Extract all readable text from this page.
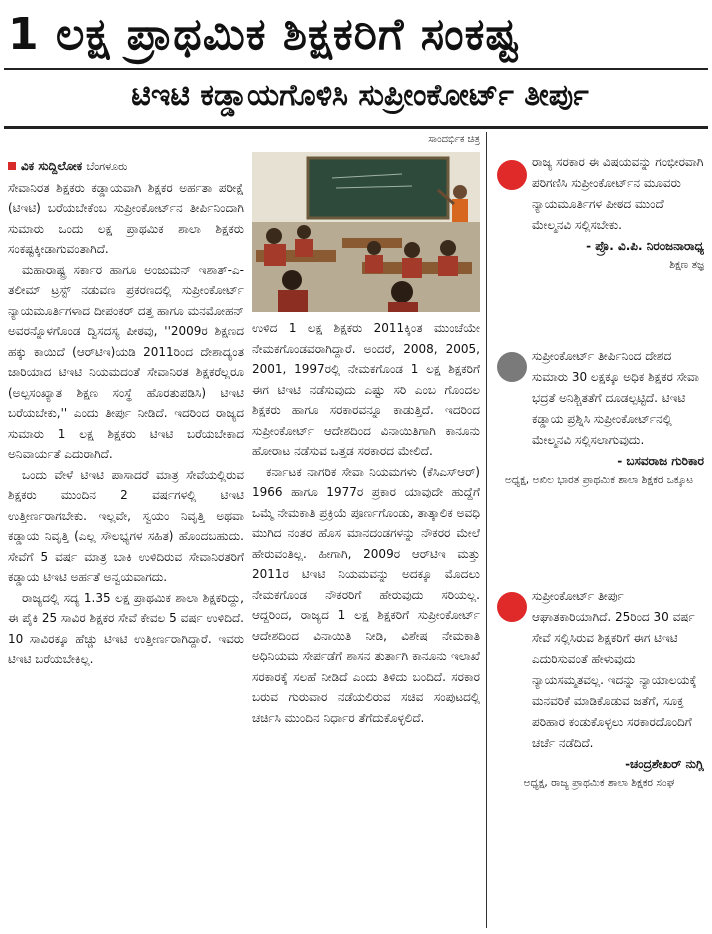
1 ಲಕ್ಷ ಪ್ರಾಥಮಿಕ ಶಿಕ್ಷಕರಿಗೆ ಸಂಕಷ್ಟ
ಟಿಇಟಿ ಕಡ್ಡಾಯಗೊಳಿಸಿ ಸುಪ್ರೀಂಕೋರ್ಟ್ ತೀರ್ಪು

ವಿಕ ಸುದ್ದಿಲೋಕ ಬೆಂಗಳೂರು

ಸೇವಾನಿರತ ಶಿಕ್ಷಕರು ಕಡ್ಡಾಯವಾಗಿ ಶಿಕ್ಷಕರ ಅರ್ಹತಾ ಪರೀಕ್ಷೆ (ಟಿಇಟಿ) ಬರೆಯಬೇಕೆಂಬ ಸುಪ್ರೀಂಕೋರ್ಟ್‌ನ ತೀರ್ಪಿನಿಂದಾಗಿ ಸುಮಾರು ಒಂದು ಲಕ್ಷ ಪ್ರಾಥಮಿಕ ಶಾಲಾ ಶಿಕ್ಷಕರು ಸಂಕಷ್ಟಕ್ಕೀಡಾಗುವಂತಾಗಿದೆ.

ಮಹಾರಾಷ್ಟ್ರ ಸರ್ಕಾರ ಹಾಗೂ ಅಂಜುಮನ್ ಇಶಾತ್-ಎ-ತಲೀಮ್ ಟ್ರಸ್ಟ್ ನಡುವಣ ಪ್ರಕರಣದಲ್ಲಿ ಸುಪ್ರೀಂಕೋರ್ಟ್ ನ್ಯಾಯಮೂರ್ತಿಗಳಾದ ದೀಪಂಕರ್ ದತ್ತ ಹಾಗೂ ಮನಮೋಹನ್ ಅವರನ್ನೊಳಗೊಂಡ ದ್ವಿಸದಸ್ಯ ಪೀಠವು, ''2009ರ ಶಿಕ್ಷಣದ ಹಕ್ಕು ಕಾಯಿದೆ (ಆರ್‌ಟಿಇ)ಯಡಿ 2011ರಿಂದ ದೇಶಾದ್ಯಂತ ಜಾರಿಯಾದ ಟಿಇಟಿ ನಿಯಮದಂತೆ ಸೇವಾನಿರತ ಶಿಕ್ಷಕರೆಲ್ಲರೂ (ಅಲ್ಪಸಂಖ್ಯಾತ ಶಿಕ್ಷಣ ಸಂಸ್ಥೆ ಹೊರತುಪಡಿಸಿ) ಟಿಇಟಿ ಬರೆಯಬೇಕು,'' ಎಂದು ತೀರ್ಪು ನೀಡಿದೆ. ಇದರಿಂದ ರಾಜ್ಯದ ಸುಮಾರು 1 ಲಕ್ಷ ಶಿಕ್ಷಕರು ಟಿಇಟಿ ಬರೆಯಬೇಕಾದ ಅನಿವಾರ್ಯತೆ ಎದುರಾಗಿದೆ.

ಒಂದು ವೇಳೆ ಟಿಇಟಿ ಪಾಸಾದರೆ ಮಾತ್ರ ಸೇವೆಯಲ್ಲಿರುವ ಶಿಕ್ಷಕರು ಮುಂದಿನ 2 ವರ್ಷಗಳಲ್ಲಿ ಟಿಇಟಿ ಉತ್ತೀರ್ಣರಾಗಬೇಕು. ಇಲ್ಲವೇ, ಸ್ವಯಂ ನಿವೃತ್ತಿ ಅಥವಾ ಕಡ್ಡಾಯ ನಿವೃತ್ತಿ (ಎಲ್ಲ ಸೌಲಭ್ಯಗಳ ಸಹಿತ) ಹೊಂದಬಹುದು. ಸೇವೆಗೆ 5 ವರ್ಷ ಮಾತ್ರ ಬಾಕಿ ಉಳಿದಿರುವ ಸೇವಾನಿರತರಿಗೆ ಕಡ್ಡಾಯ ಟಿಇಟಿ ಅರ್ಹತೆ ಅನ್ವಯವಾಗದು.

ರಾಜ್ಯದಲ್ಲಿ ಸದ್ಯ 1.35 ಲಕ್ಷ ಪ್ರಾಥಮಿಕ ಶಾಲಾ ಶಿಕ್ಷಕರಿದ್ದು, ಈ ಪೈಕಿ 25 ಸಾವಿರ ಶಿಕ್ಷಕರ ಸೇವೆ ಕೇವಲ 5 ವರ್ಷ ಉಳಿದಿದೆ. 10 ಸಾವಿರಕ್ಕೂ ಹೆಚ್ಚು ಟಿಇಟಿ ಉತ್ತೀರ್ಣರಾಗಿದ್ದಾರೆ. ಇವರು ಟಿಇಟಿ ಬರೆಯಬೇಕಿಲ್ಲ.

ಸಾಂದರ್ಭಿಕ ಚಿತ್ರ

ಉಳಿದ 1 ಲಕ್ಷ ಶಿಕ್ಷಕರು 2011ಕ್ಕಿಂತ ಮುಂಚೆಯೇ ನೇಮಕಗೊಂಡವರಾಗಿದ್ದಾರೆ. ಅಂದರೆ, 2008, 2005, 2001, 1997ರಲ್ಲಿ ನೇಮಕಗೊಂಡ 1 ಲಕ್ಷ ಶಿಕ್ಷಕರಿಗೆ ಈಗ ಟಿಇಟಿ ನಡೆಸುವುದು ಎಷ್ಟು ಸರಿ ಎಂಬ ಗೊಂದಲ ಶಿಕ್ಷಕರು ಹಾಗೂ ಸರಕಾರವನ್ನೂ ಕಾಡುತ್ತಿದೆ. ಇದರಿಂದ ಸುಪ್ರೀಂಕೋರ್ಟ್ ಆದೇಶದಿಂದ ವಿನಾಯಿತಿಗಾಗಿ ಕಾನೂನು ಹೋರಾಟ ನಡೆಸುವ ಒತ್ತಡ ಸರಕಾರದ ಮೇಲಿದೆ.

ಕರ್ನಾಟಕ ನಾಗರಿಕ ಸೇವಾ ನಿಯಮಗಳು (ಕೆಸಿಎಸ್‌ಆರ್) 1966 ಹಾಗೂ 1977ರ ಪ್ರಕಾರ ಯಾವುದೇ ಹುದ್ದೆಗೆ ಒಮ್ಮೆ ನೇಮಕಾತಿ ಪ್ರಕ್ರಿಯೆ ಪೂರ್ಣಗೊಂಡು, ತಾತ್ಕಾಲಿಕ ಅವಧಿ ಮುಗಿದ ನಂತರ ಹೊಸ ಮಾನದಂಡಗಳನ್ನು ನೌಕರರ ಮೇಲೆ ಹೇರುವಂತಿಲ್ಲ. ಹೀಗಾಗಿ, 2009ರ ಆರ್‌ಟಿಇ ಮತ್ತು 2011ರ ಟಿಇಟಿ ನಿಯಮವನ್ನು ಅದಕ್ಕೂ ಮೊದಲು ನೇಮಕಗೊಂಡ ನೌಕರರಿಗೆ ಹೇರುವುದು ಸರಿಯಲ್ಲ. ಆದ್ದರಿಂದ, ರಾಜ್ಯದ 1 ಲಕ್ಷ ಶಿಕ್ಷಕರಿಗೆ ಸುಪ್ರೀಂಕೋರ್ಟ್ ಆದೇಶದಿಂದ ವಿನಾಯಿತಿ ನೀಡಿ, ವಿಶೇಷ ನೇಮಕಾತಿ ಅಧಿನಿಯಮ ಸೇರ್ಪಡೆಗೆ ಶಾಸನ ತುರ್ತಾಗಿ ಕಾನೂನು ಇಲಾಖೆ ಸರಕಾರಕ್ಕೆ ಸಲಹೆ ನೀಡಿದೆ ಎಂದು ತಿಳಿದು ಬಂದಿದೆ. ಸರಕಾರ ಬರುವ ಗುರುವಾರ ನಡೆಯಲಿರುವ ಸಚಿವ ಸಂಪುಟದಲ್ಲಿ ಚರ್ಚಿಸಿ ಮುಂದಿನ ನಿರ್ಧಾರ ತೆಗೆದುಕೊಳ್ಳಲಿದೆ.

ರಾಜ್ಯ ಸರಕಾರ ಈ ವಿಷಯವನ್ನು ಗಂಭೀರವಾಗಿ ಪರಿಗಣಿಸಿ ಸುಪ್ರೀಂಕೋರ್ಟ್‌ನ ಮೂವರು ನ್ಯಾಯಮೂರ್ತಿಗಳ ಪೀಠದ ಮುಂದೆ ಮೇಲ್ಮನವಿ ಸಲ್ಲಿಸಬೇಕು.
- ಪ್ರೊ. ವಿ.ಪಿ. ನಿರಂಜನಾರಾಧ್ಯ
ಶಿಕ್ಷಣ ತಜ್ಞ
ಸುಪ್ರೀಂಕೋರ್ಟ್ ತೀರ್ಪಿನಿಂದ ದೇಶದ ಸುಮಾರು 30 ಲಕ್ಷಕ್ಕೂ ಅಧಿಕ ಶಿಕ್ಷಕರ ಸೇವಾ ಭದ್ರತೆ ಅನಿಶ್ಚಿತತೆಗೆ ದೂಡಲ್ಪಟ್ಟಿದೆ. ಟಿಇಟಿ ಕಡ್ಡಾಯ ಪ್ರಶ್ನಿಸಿ ಸುಪ್ರೀಂಕೋರ್ಟ್‌ನಲ್ಲಿ ಮೇಲ್ಮನವಿ ಸಲ್ಲಿಸಲಾಗುವುದು.
- ಬಸವರಾಜ ಗುರಿಕಾರ
ಅಧ್ಯಕ್ಷ, ಅಖಿಲ ಭಾರತ ಪ್ರಾಥಮಿಕ ಶಾಲಾ ಶಿಕ್ಷಕರ ಒಕ್ಕೂಟ
ಸುಪ್ರೀಂಕೋರ್ಟ್ ತೀರ್ಪು ಆಘಾತಕಾರಿಯಾಗಿದೆ. 25ರಿಂದ 30 ವರ್ಷ ಸೇವೆ ಸಲ್ಲಿಸಿರುವ ಶಿಕ್ಷಕರಿಗೆ ಈಗ ಟಿಇಟಿ ಎದುರಿಸುವಂತೆ ಹೇಳುವುದು ನ್ಯಾಯಸಮ್ಮತವಲ್ಲ. ಇದನ್ನು ನ್ಯಾಯಾಲಯಕ್ಕೆ ಮನವರಿಕೆ ಮಾಡಿಕೊಡುವ ಜತೆಗೆ, ಸೂಕ್ತ ಪರಿಹಾರ ಕಂಡುಕೊಳ್ಳಲು ಸರಕಾರದೊಂದಿಗೆ ಚರ್ಚೆ ನಡೆದಿದೆ.
-ಚಂದ್ರಶೇಖರ್ ನುಗ್ಲಿ
ಅಧ್ಯಕ್ಷ, ರಾಜ್ಯ ಪ್ರಾಥಮಿಕ ಶಾಲಾ ಶಿಕ್ಷಕರ ಸಂಘ
